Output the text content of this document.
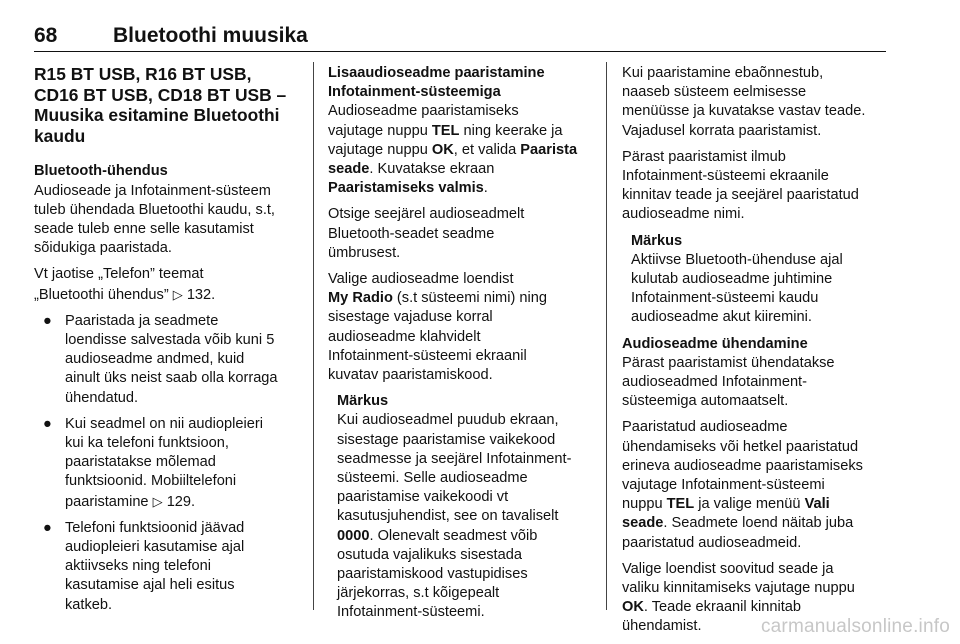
68	Bluetoothi muusika
R15 BT USB, R16 BT USB,
CD16 BT USB, CD18 BT USB –
Muusika esitamine Bluetoothi
kaudu
Bluetooth-ühendus

Audioseade ja Infotainment-süsteem
tuleb ühendada Bluetoothi kaudu, s.t,
seade tuleb enne selle kasutamist
sõidukiga paaristada.

Vt jaotise „Telefon” teemat
„Bluetoothi ühendus” ▷ 132.

● Paaristada ja seadmete
loendisse salvestada võib kuni 5
audioseadme andmed, kuid
ainult üks neist saab olla korraga
ühendatud.
● Kui seadmel on nii audiopleieri
kui ka telefoni funktsioon,
paaristatakse mõlemad
funktsioonid. Mobiiltelefoni
paaristamine ▷ 129.
● Telefoni funktsioonid jäävad
audiopleieri kasutamise ajal
aktiivseks ning telefoni
kasutamise ajal heli esitus
katkeb.
Lisaaudioseadme paaristamine
Infotainment-süsteemiga

Audioseadme paaristamiseks
vajutage nuppu TEL ning keerake ja
vajutage nuppu OK, et valida Paarista
seade. Kuvatakse ekraan
Paaristamiseks valmis.

Otsige seejärel audioseadmelt
Bluetooth-seadet seadme
ümbrusest.

Valige audioseadme loendist
My Radio (s.t süsteemi nimi) ning
sisestage vajaduse korral
audioseadme klahvidelt
Infotainment-süsteemi ekraanil
kuvatav paaristamiskood.

Märkus
Kui audioseadmel puudub ekraan,
sisestage paaristamise vaikekood
seadmesse ja seejärel Infotainment-
süsteemi. Selle audioseadme
paaristamise vaikekoodi vt
kasutusjuhendist, see on tavaliselt
0000. Olenevalt seadmest võib
osutuda vajalikuks sisestada
paaristamiskood vastupidises
järjekorras, s.t kõigepealt
Infotainment-süsteemi.

Kui paaristamine ebaõnnestub,
naaseb süsteem eelmisesse
menüüsse ja kuvatakse vastav teade.
Vajadusel korrata paaristamist.

Pärast paaristamist ilmub
Infotainment-süsteemi ekraanile
kinnitav teade ja seejärel paaristatud
audioseadme nimi.

Märkus
Aktiivse Bluetooth-ühenduse ajal
kulutab audioseadme juhtimine
Infotainment-süsteemi kaudu
audioseadme akut kiiremini.
Audioseadme ühendamine

Pärast paaristamist ühendatakse
audioseadmed Infotainment-
süsteemiga automaatselt.

Paaristatud audioseadme
ühendamiseks või hetkel paaristatud
erineva audioseadme paaristamiseks
vajutage Infotainment-süsteemi
nuppu TEL ja valige menüü Vali
seade. Seadmete loend näitab juba
paaristatud audioseadmeid.

Valige loendist soovitud seade ja
valiku kinnitamiseks vajutage nuppu
OK. Teade ekraanil kinnitab
ühendamist.	carmanualsonline.info
